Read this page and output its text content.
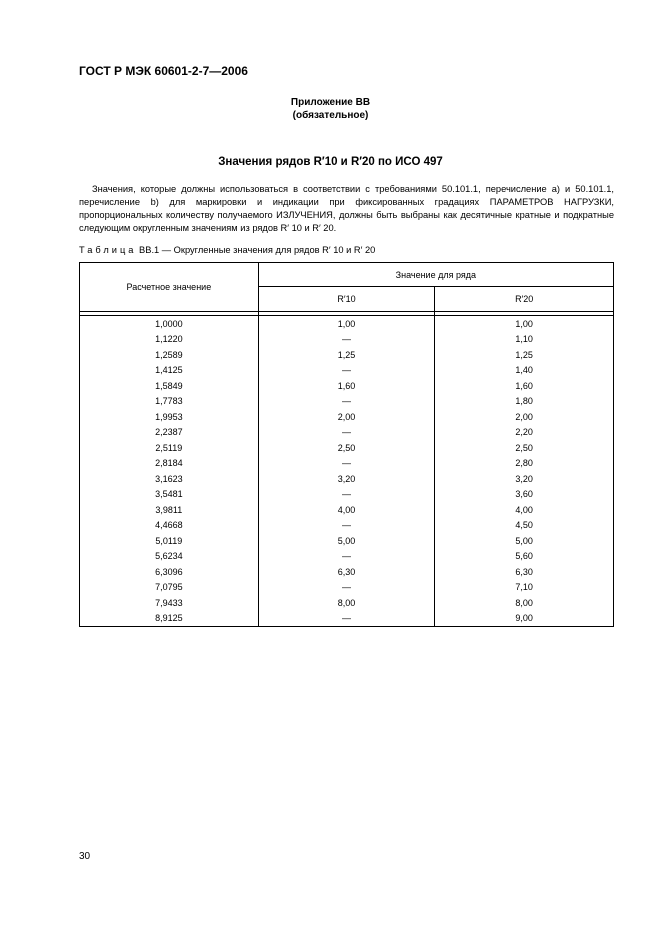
ГОСТ Р МЭК 60601-2-7—2006
Приложение ВВ
(обязательное)
Значения рядов R′10 и R′20 по ИСО 497

Значения, которые должны использоваться в соответствии с требованиями 50.101.1, перечисление а) и 50.101.1, перечисление b) для маркировки и индикации при фиксированных градациях ПАРАМЕТРОВ НАГРУЗКИ, пропорциональных количеству получаемого ИЗЛУЧЕНИЯ, должны быть выбраны как десятичные кратные и подкратные следующим округленным значениям из рядов R′ 10 и R′ 20.

Таблица ВВ.1 — Округленные значения для рядов R′ 10 и R′ 20
Расчетное значение	Значение для ряда	
	R′10	R′20

1,0000	1,00	1,00
1,1220	—	1,10
1,2589	1,25	1,25
1,4125	—	1,40
1,5849	1,60	1,60
1,7783	—	1,80
1,9953	2,00	2,00
2,2387	—	2,20
2,5119	2,50	2,50
2,8184	—	2,80
3,1623	3,20	3,20
3,5481	—	3,60
3,9811	4,00	4,00
4,4668	—	4,50
5,0119	5,00	5,00
5,6234	—	5,60
6,3096	6,30	6,30
7,0795	—	7,10
7,9433	8,00	8,00
8,9125	—	9,00
30
